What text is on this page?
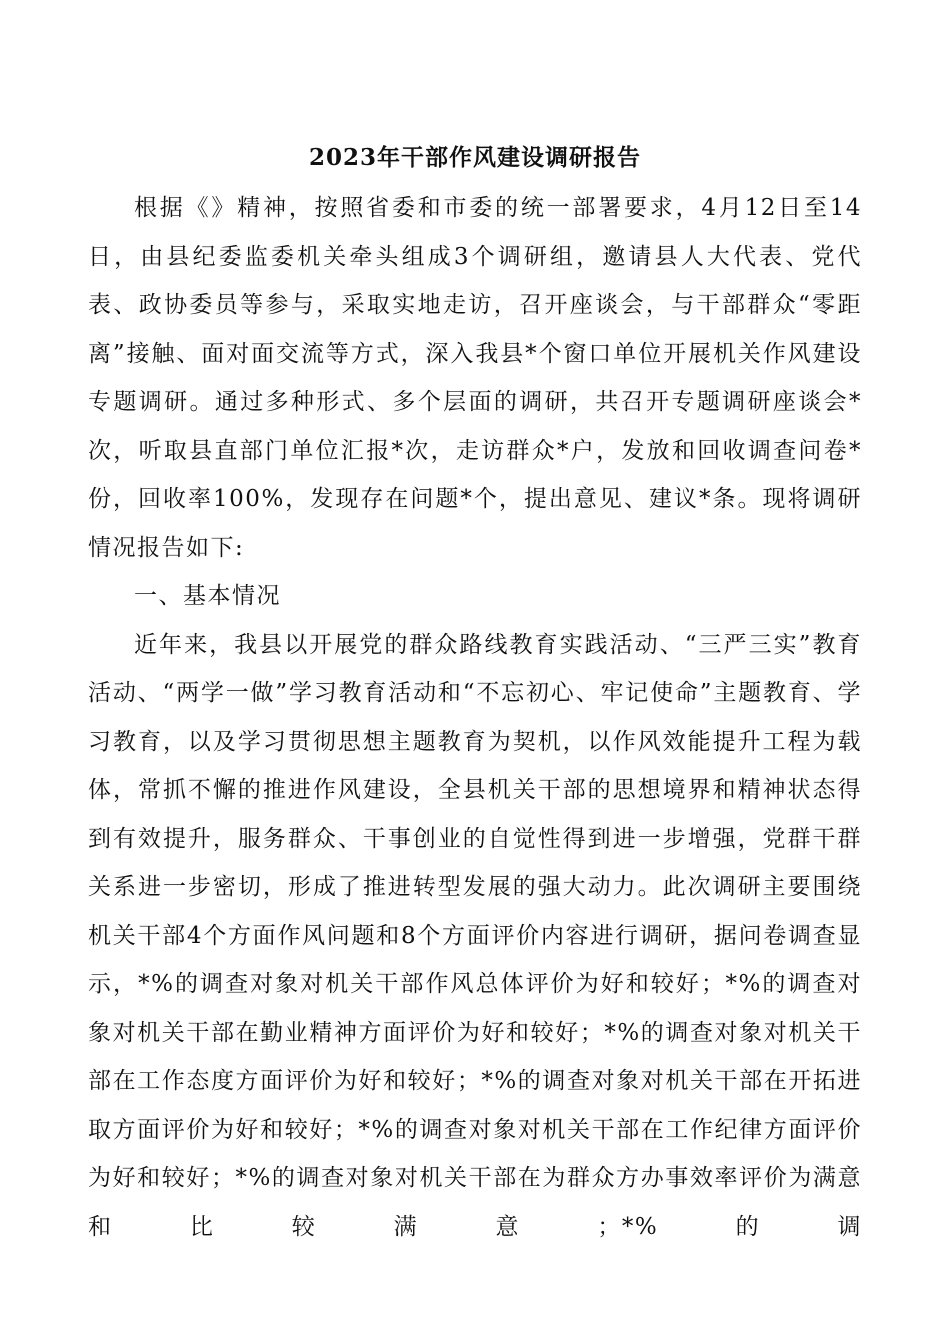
2023年干部作风建设调研报告

根据《》精神，按照省委和市委的统一部署要求，4月12日至14日，由县纪委监委机关牵头组成3个调研组，邀请县人大代表、党代表、政协委员等参与，采取实地走访，召开座谈会，与干部群众“零距离”接触、面对面交流等方式，深入我县*个窗口单位开展机关作风建设专题调研。通过多种形式、多个层面的调研，共召开专题调研座谈会*次，听取县直部门单位汇报*次，走访群众*户，发放和回收调查问卷*份，回收率100%，发现存在问题*个，提出意见、建议*条。现将调研情况报告如下:

一、基本情况

近年来，我县以开展党的群众路线教育实践活动、“三严三实”教育活动、“两学一做”学习教育活动和“不忘初心、牢记使命”主题教育、学习教育，以及学习贯彻思想主题教育为契机，以作风效能提升工程为载体，常抓不懈的推进作风建设，全县机关干部的思想境界和精神状态得到有效提升，服务群众、干事创业的自觉性得到进一步增强，党群干群关系进一步密切，形成了推进转型发展的强大动力。此次调研主要围绕机关干部4个方面作风问题和8个方面评价内容进行调研，据问卷调查显示，*%的调查对象对机关干部作风总体评价为好和较好；*%的调查对象对机关干部在勤业精神方面评价为好和较好；*%的调查对象对机关干部在工作态度方面评价为好和较好；*%的调查对象对机关干部在开拓进取方面评价为好和较好；*%的调查对象对机关干部在工作纪律方面评价为好和较好；*%的调查对象对机关干部在为群众方办事效率评价为满意和比较满意；*%的调
